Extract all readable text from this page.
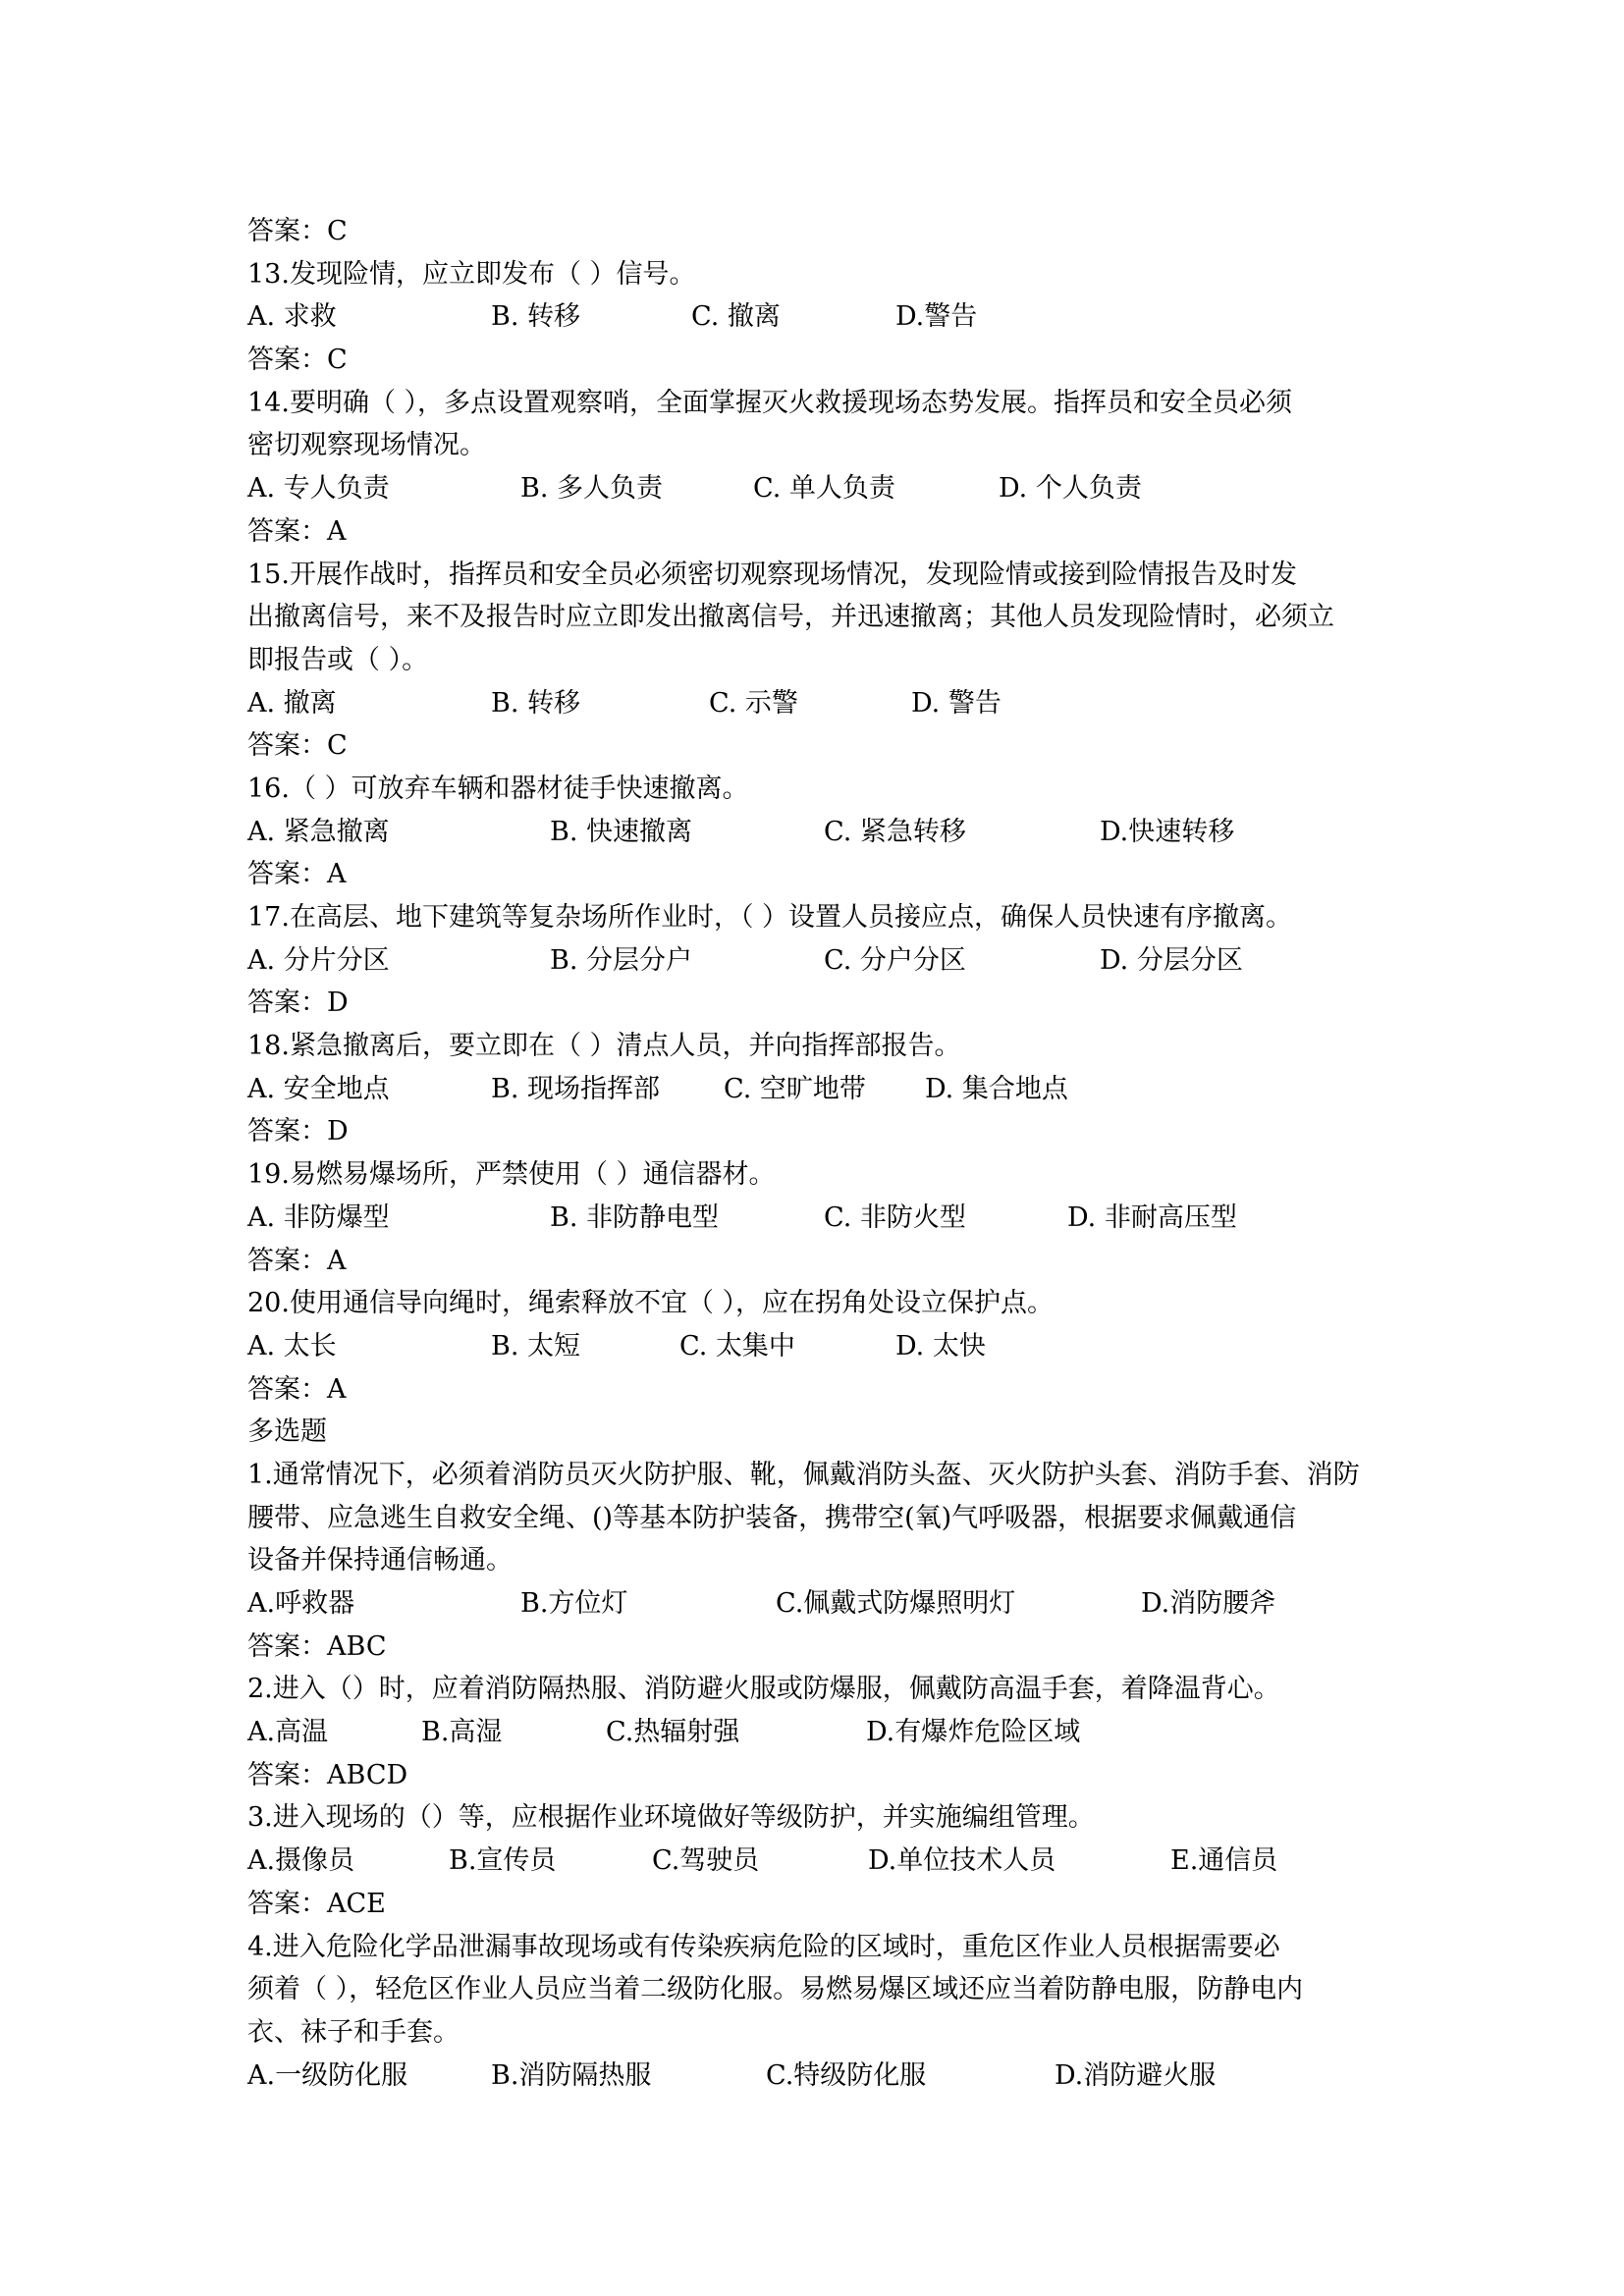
答案：C
13.发现险情，应立即发布（ ）信号。
A. 求救	B. 转移	C. 撤离	D.警告
答案：C
14.要明确（ ），多点设置观察哨，全面掌握灭火救援现场态势发展。指挥员和安全员必须
密切观察现场情况。
A. 专人负责	B. 多人负责	C. 单人负责	D. 个人负责
答案：A
15.开展作战时，指挥员和安全员必须密切观察现场情况，发现险情或接到险情报告及时发
出撤离信号，来不及报告时应立即发出撤离信号，并迅速撤离；其他人员发现险情时，必须立
即报告或（ ）。
A. 撤离	B. 转移	C. 示警	D. 警告
答案：C
16.（ ）可放弃车辆和器材徒手快速撤离。
A. 紧急撤离	B. 快速撤离	C. 紧急转移	D.快速转移
答案：A
17.在高层、地下建筑等复杂场所作业时，（ ）设置人员接应点，确保人员快速有序撤离。
A. 分片分区	B. 分层分户	C. 分户分区	D. 分层分区
答案：D
18.紧急撤离后，要立即在（ ）清点人员，并向指挥部报告。
A. 安全地点	B. 现场指挥部 C. 空旷地带 D. 集合地点
答案：D
19.易燃易爆场所，严禁使用（ ）通信器材。
A. 非防爆型	B. 非防静电型	C. 非防火型	D. 非耐高压型
答案：A
20.使用通信导向绳时，绳索释放不宜（ ），应在拐角处设立保护点。
A. 太长	B. 太短	C. 太集中	D. 太快
答案：A
多选题
1.通常情况下，必须着消防员灭火防护服、靴，佩戴消防头盔、灭火防护头套、消防手套、消防
腰带、应急逃生自救安全绳、()等基本防护装备，携带空(氧)气呼吸器，根据要求佩戴通信
设备并保持通信畅通。
A.呼救器	B.方位灯	C.佩戴式防爆照明灯	D.消防腰斧
答案：ABC
2.进入（）时，应着消防隔热服、消防避火服或防爆服，佩戴防高温手套，着降温背心。
A.高温	B.高湿	C.热辐射强	D.有爆炸危险区域
答案：ABCD
3.进入现场的（）等，应根据作业环境做好等级防护，并实施编组管理。
A.摄像员	B.宣传员	C.驾驶员	D.单位技术人员	E.通信员
答案：ACE
4.进入危险化学品泄漏事故现场或有传染疾病危险的区域时，重危区作业人员根据需要必
须着（ ），轻危区作业人员应当着二级防化服。易燃易爆区域还应当着防静电服，防静电内
衣、袜子和手套。
A.一级防化服	B.消防隔热服	C.特级防化服	D.消防避火服
